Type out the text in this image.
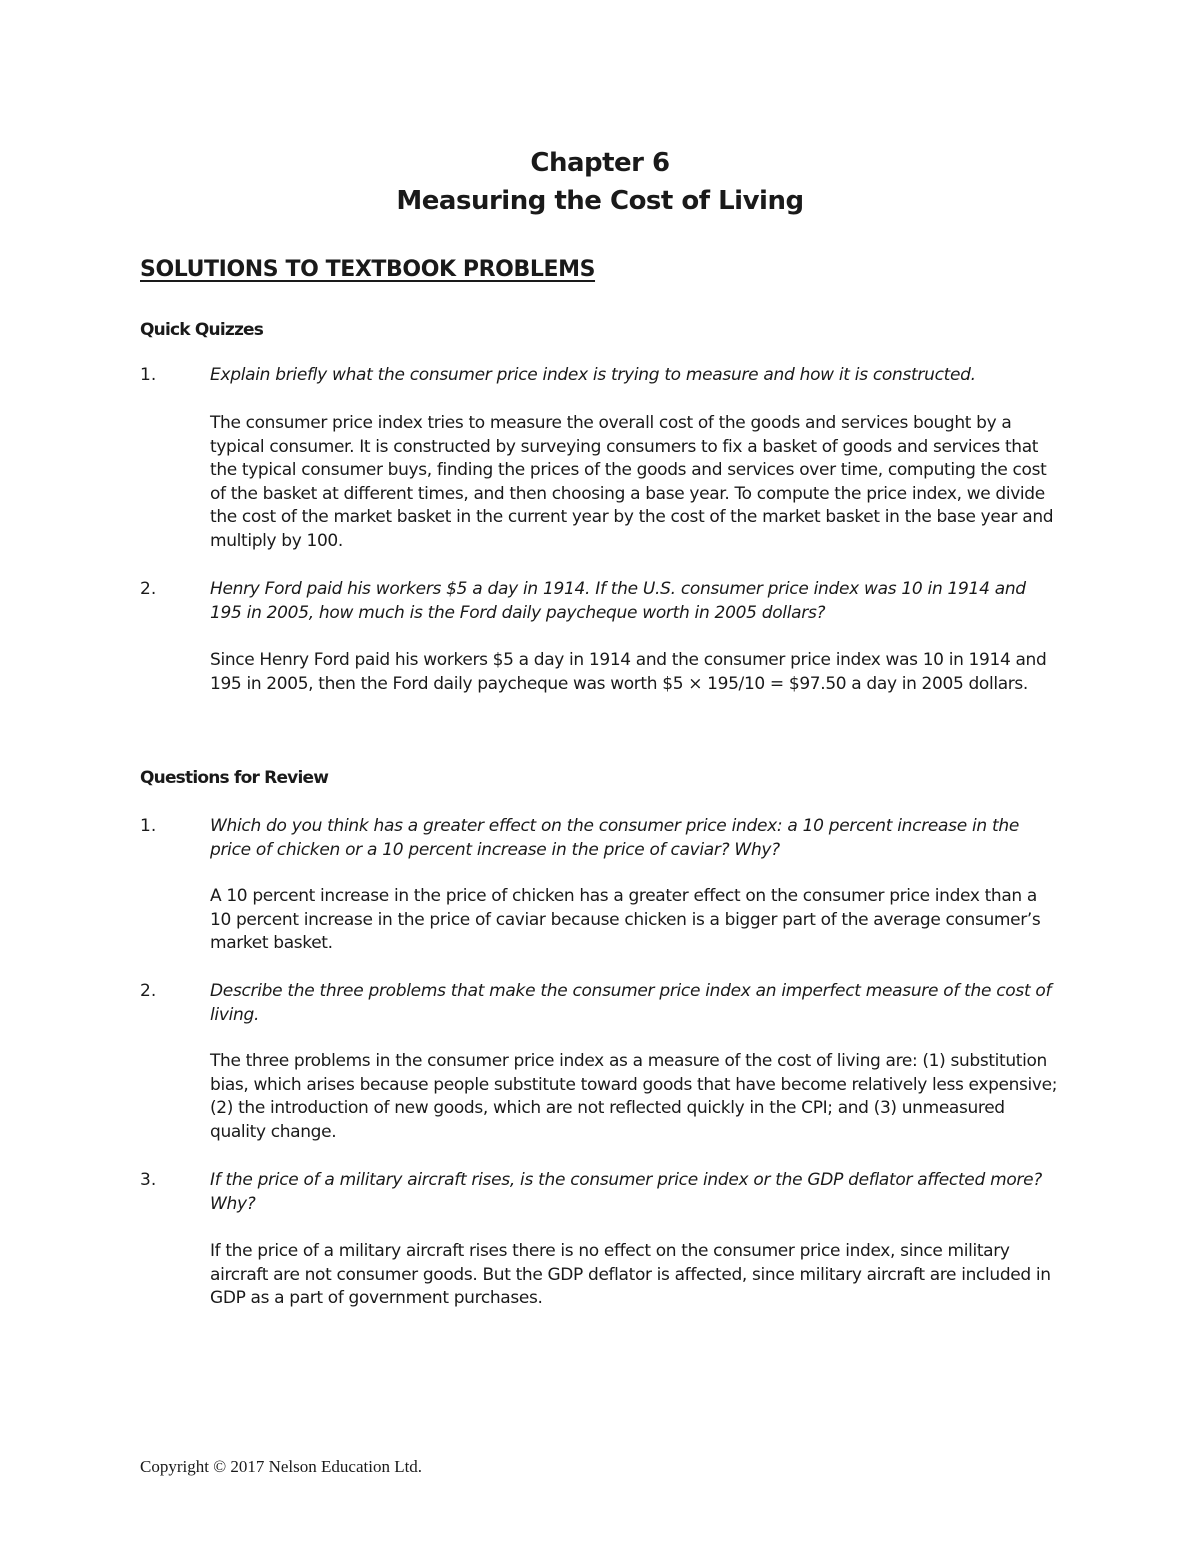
Chapter 6
Measuring the Cost of Living
SOLUTIONS TO TEXTBOOK PROBLEMS
Quick Quizzes
1.	Explain briefly what the consumer price index is trying to measure and how it is constructed.
The consumer price index tries to measure the overall cost of the goods and services bought by a typical consumer. It is constructed by surveying consumers to fix a basket of goods and services that the typical consumer buys, finding the prices of the goods and services over time, computing the cost of the basket at different times, and then choosing a base year. To compute the price index, we divide the cost of the market basket in the current year by the cost of the market basket in the base year and multiply by 100.
2.	Henry Ford paid his workers $5 a day in 1914. If the U.S. consumer price index was 10 in 1914 and 195 in 2005, how much is the Ford daily paycheque worth in 2005 dollars?
Since Henry Ford paid his workers $5 a day in 1914 and the consumer price index was 10 in 1914 and 195 in 2005, then the Ford daily paycheque was worth $5 × 195/10 = $97.50 a day in 2005 dollars.
Questions for Review
1.	Which do you think has a greater effect on the consumer price index: a 10 percent increase in the price of chicken or a 10 percent increase in the price of caviar? Why?
A 10 percent increase in the price of chicken has a greater effect on the consumer price index than a 10 percent increase in the price of caviar because chicken is a bigger part of the average consumer’s market basket.
2.	Describe the three problems that make the consumer price index an imperfect measure of the cost of living.
The three problems in the consumer price index as a measure of the cost of living are: (1) substitution bias, which arises because people substitute toward goods that have become relatively less expensive; (2) the introduction of new goods, which are not reflected quickly in the CPI; and (3) unmeasured quality change.
3.	If the price of a military aircraft rises, is the consumer price index or the GDP deflator affected more? Why?
If the price of a military aircraft rises there is no effect on the consumer price index, since military aircraft are not consumer goods. But the GDP deflator is affected, since military aircraft are included in GDP as a part of government purchases.
Copyright © 2017 Nelson Education Ltd.
